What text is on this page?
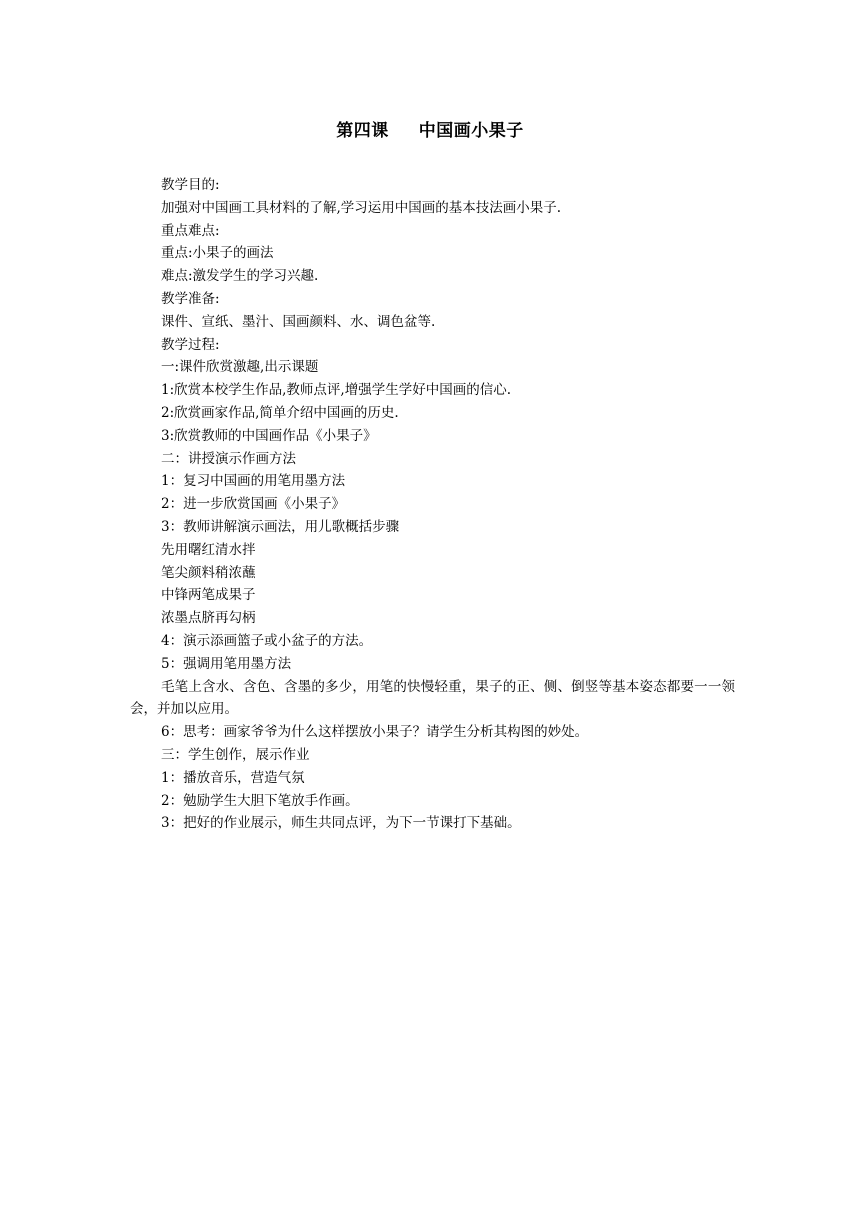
第四课 中国画小果子
教学目的:
加强对中国画工具材料的了解,学习运用中国画的基本技法画小果子.
重点难点:
重点:小果子的画法
难点:激发学生的学习兴趣.
教学准备:
课件、宣纸、墨汁、国画颜料、水、调色盆等.
教学过程:
一:课件欣赏激趣,出示课题
1:欣赏本校学生作品,教师点评,增强学生学好中国画的信心.
2:欣赏画家作品,简单介绍中国画的历史.
3:欣赏教师的中国画作品《小果子》
二：讲授演示作画方法
1：复习中国画的用笔用墨方法
2：进一步欣赏国画《小果子》
3：教师讲解演示画法，用儿歌概括步骤
先用曙红清水拌
笔尖颜料稍浓蘸
中锋两笔成果子
浓墨点脐再勾柄
4：演示添画篮子或小盆子的方法。
5：强调用笔用墨方法
毛笔上含水、含色、含墨的多少，用笔的快慢轻重，果子的正、侧、倒竖等基本姿态都要一一领会，并加以应用。
6：思考：画家爷爷为什么这样摆放小果子？请学生分析其构图的妙处。
三：学生创作，展示作业
1：播放音乐，营造气氛
2：勉励学生大胆下笔放手作画。
3：把好的作业展示，师生共同点评，为下一节课打下基础。
